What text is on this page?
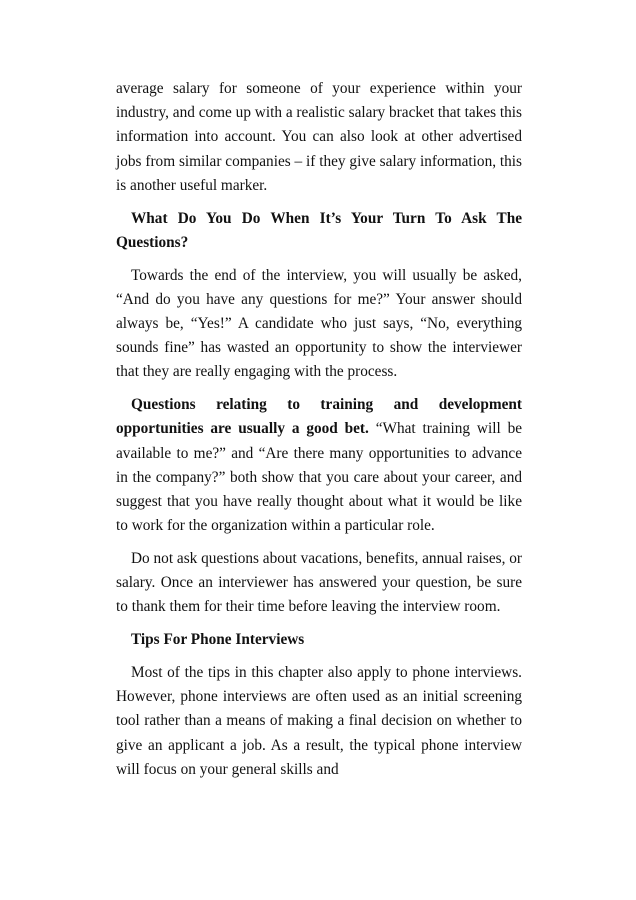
average salary for someone of your experience within your industry, and come up with a realistic salary bracket that takes this information into account. You can also look at other advertised jobs from similar companies – if they give salary information, this is another useful marker.

What Do You Do When It’s Your Turn To Ask The Questions?

Towards the end of the interview, you will usually be asked, “And do you have any questions for me?” Your answer should always be, “Yes!” A candidate who just says, “No, everything sounds fine” has wasted an opportunity to show the interviewer that they are really engaging with the process.

Questions relating to training and development opportunities are usually a good bet. “What training will be available to me?” and “Are there many opportunities to advance in the company?” both show that you care about your career, and suggest that you have really thought about what it would be like to work for the organization within a particular role.

Do not ask questions about vacations, benefits, annual raises, or salary. Once an interviewer has answered your question, be sure to thank them for their time before leaving the interview room.

Tips For Phone Interviews

Most of the tips in this chapter also apply to phone interviews. However, phone interviews are often used as an initial screening tool rather than a means of making a final decision on whether to give an applicant a job. As a result, the typical phone interview will focus on your general skills and
